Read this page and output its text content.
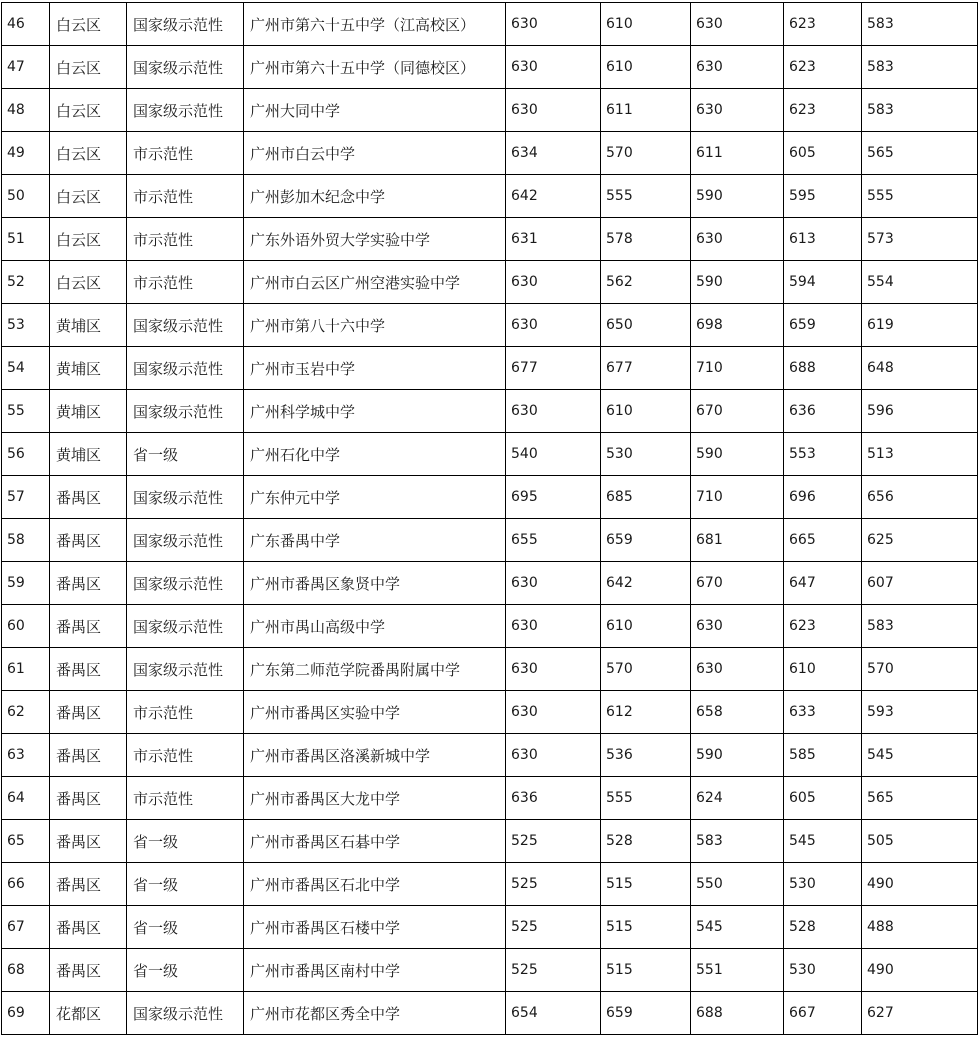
46	白云区	国家级示范性	广州市第六十五中学（江高校区）	630	610	630	623	583
47	白云区	国家级示范性	广州市第六十五中学（同德校区）	630	610	630	623	583
48	白云区	国家级示范性	广州大同中学	630	611	630	623	583
49	白云区	市示范性	广州市白云中学	634	570	611	605	565
50	白云区	市示范性	广州彭加木纪念中学	642	555	590	595	555
51	白云区	市示范性	广东外语外贸大学实验中学	631	578	630	613	573
52	白云区	市示范性	广州市白云区广州空港实验中学	630	562	590	594	554
53	黄埔区	国家级示范性	广州市第八十六中学	630	650	698	659	619
54	黄埔区	国家级示范性	广州市玉岩中学	677	677	710	688	648
55	黄埔区	国家级示范性	广州科学城中学	630	610	670	636	596
56	黄埔区	省一级	广州石化中学	540	530	590	553	513
57	番禺区	国家级示范性	广东仲元中学	695	685	710	696	656
58	番禺区	国家级示范性	广东番禺中学	655	659	681	665	625
59	番禺区	国家级示范性	广州市番禺区象贤中学	630	642	670	647	607
60	番禺区	国家级示范性	广州市禺山高级中学	630	610	630	623	583
61	番禺区	国家级示范性	广东第二师范学院番禺附属中学	630	570	630	610	570
62	番禺区	市示范性	广州市番禺区实验中学	630	612	658	633	593
63	番禺区	市示范性	广州市番禺区洛溪新城中学	630	536	590	585	545
64	番禺区	市示范性	广州市番禺区大龙中学	636	555	624	605	565
65	番禺区	省一级	广州市番禺区石碁中学	525	528	583	545	505
66	番禺区	省一级	广州市番禺区石北中学	525	515	550	530	490
67	番禺区	省一级	广州市番禺区石楼中学	525	515	545	528	488
68	番禺区	省一级	广州市番禺区南村中学	525	515	551	530	490
69	花都区	国家级示范性	广州市花都区秀全中学	654	659	688	667	627
